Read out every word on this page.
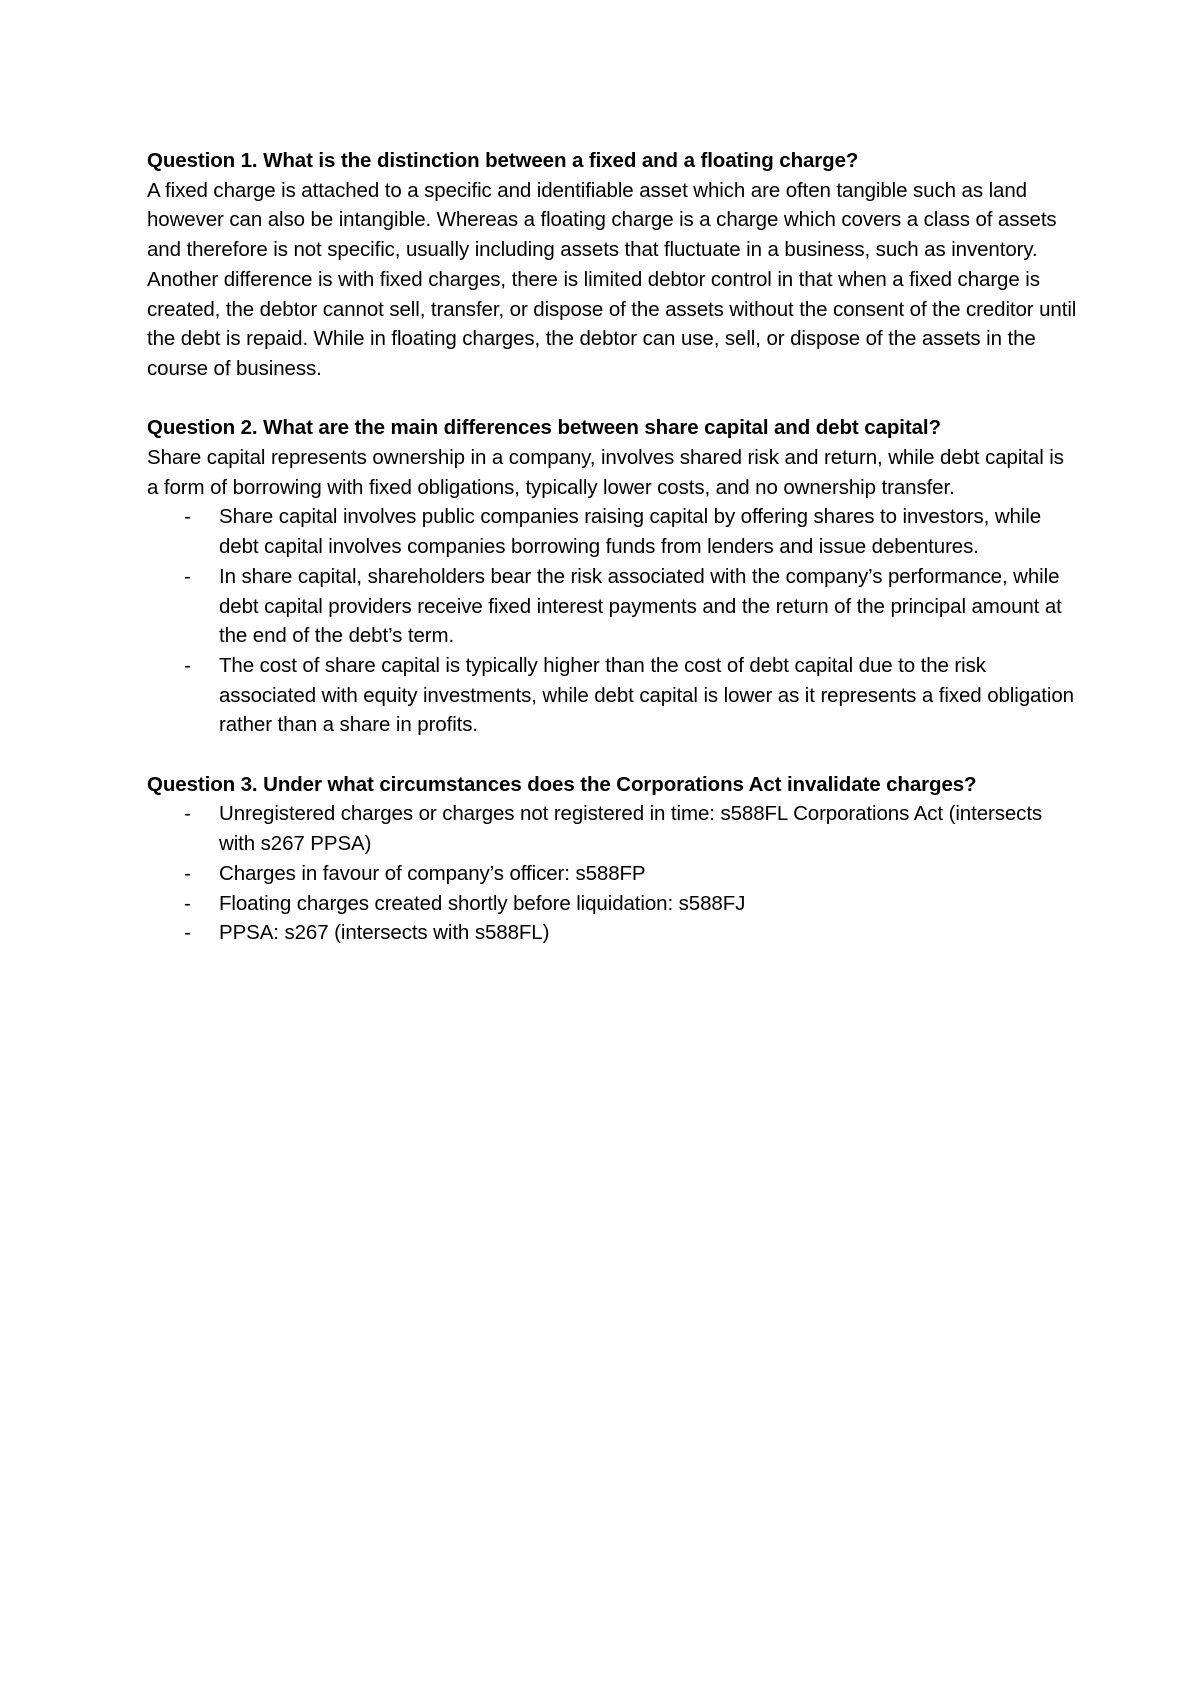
Question 1. What is the distinction between a fixed and a floating charge?

A fixed charge is attached to a specific and identifiable asset which are often tangible such as land however can also be intangible. Whereas a floating charge is a charge which covers a class of assets and therefore is not specific, usually including assets that fluctuate in a business, such as inventory.

Another difference is with fixed charges, there is limited debtor control in that when a fixed charge is created, the debtor cannot sell, transfer, or dispose of the assets without the consent of the creditor until the debt is repaid. While in floating charges, the debtor can use, sell, or dispose of the assets in the course of business.

Question 2. What are the main differences between share capital and debt capital?

Share capital represents ownership in a company, involves shared risk and return, while debt capital is a form of borrowing with fixed obligations, typically lower costs, and no ownership transfer.

- Share capital involves public companies raising capital by offering shares to investors, while debt capital involves companies borrowing funds from lenders and issue debentures.
- In share capital, shareholders bear the risk associated with the company’s performance, while debt capital providers receive fixed interest payments and the return of the principal amount at the end of the debt’s term.
- The cost of share capital is typically higher than the cost of debt capital due to the risk associated with equity investments, while debt capital is lower as it represents a fixed obligation rather than a share in profits.

Question 3. Under what circumstances does the Corporations Act invalidate charges?

- Unregistered charges or charges not registered in time: s588FL Corporations Act (intersects with s267 PPSA)
- Charges in favour of company’s officer: s588FP
- Floating charges created shortly before liquidation: s588FJ
- PPSA: s267 (intersects with s588FL)
